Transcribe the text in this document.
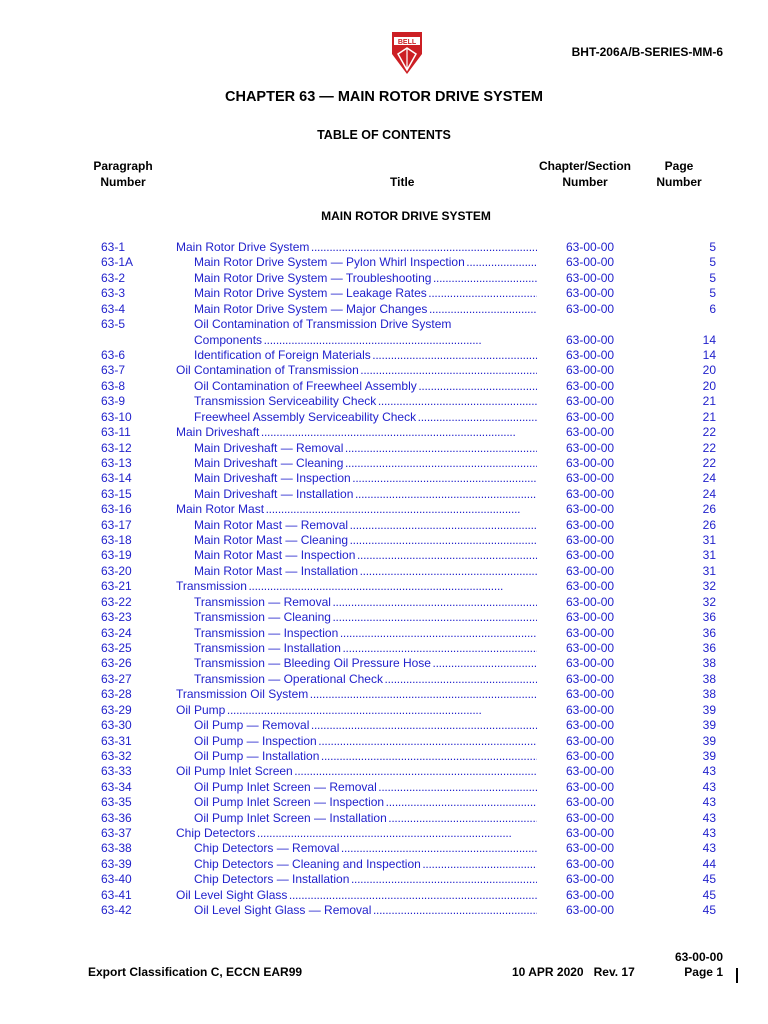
BELL
BHT-206A/B-SERIES-MM-6
CHAPTER 63 — MAIN ROTOR DRIVE SYSTEM
TABLE OF CONTENTS
Paragraph
Number	Title
Chapter/Section
Number
Page
Number
MAIN ROTOR DRIVE SYSTEM
63-1	Main Rotor Drive System . . .	63-00-00	5
63-1A	Main Rotor Drive System — Pylon Whirl Inspection . . .	63-00-00	5
63-2	Main Rotor Drive System — Troubleshooting . . .	63-00-00	5
63-3	Main Rotor Drive System — Leakage Rates . . .	63-00-00	5
63-4	Main Rotor Drive System — Major Changes . . .	63-00-00	6
63-5	Oil Contamination of Transmission Drive System
Components . . .	63-00-00	14
63-6	Identification of Foreign Materials . . .	63-00-00	14
63-7	Oil Contamination of Transmission . . .	63-00-00	20
63-8	Oil Contamination of Freewheel Assembly . . .	63-00-00	20
63-9	Transmission Serviceability Check . . .	63-00-00	21
63-10	Freewheel Assembly Serviceability Check . . .	63-00-00	21
63-11	Main Driveshaft . . .	63-00-00	22
63-12	Main Driveshaft — Removal . . .	63-00-00	22
63-13	Main Driveshaft — Cleaning . . .	63-00-00	22
63-14	Main Driveshaft — Inspection . . .	63-00-00	24
63-15	Main Driveshaft — Installation . . .	63-00-00	24
63-16	Main Rotor Mast . . .	63-00-00	26
63-17	Main Rotor Mast — Removal . . .	63-00-00	26
63-18	Main Rotor Mast — Cleaning . . .	63-00-00	31
63-19	Main Rotor Mast — Inspection . . .	63-00-00	31
63-20	Main Rotor Mast — Installation . . .	63-00-00	31
63-21	Transmission . . .	63-00-00	32
63-22	Transmission — Removal . . .	63-00-00	32
63-23	Transmission — Cleaning . . .	63-00-00	36
63-24	Transmission — Inspection . . .	63-00-00	36
63-25	Transmission — Installation . . .	63-00-00	36
63-26	Transmission — Bleeding Oil Pressure Hose . . .	63-00-00	38
63-27	Transmission — Operational Check . . .	63-00-00	38
63-28	Transmission Oil System . . .	63-00-00	38
63-29	Oil Pump . . .	63-00-00	39
63-30	Oil Pump — Removal . . .	63-00-00	39
63-31	Oil Pump — Inspection . . .	63-00-00	39
63-32	Oil Pump — Installation . . .	63-00-00	39
63-33	Oil Pump Inlet Screen . . .	63-00-00	43
63-34	Oil Pump Inlet Screen — Removal . . .	63-00-00	43
63-35	Oil Pump Inlet Screen — Inspection . . .	63-00-00	43
63-36	Oil Pump Inlet Screen — Installation . . .	63-00-00	43
63-37	Chip Detectors . . .	63-00-00	43
63-38	Chip Detectors — Removal . . .	63-00-00	43
63-39	Chip Detectors — Cleaning and Inspection . . .	63-00-00	44
63-40	Chip Detectors — Installation . . .	63-00-00	45
63-41	Oil Level Sight Glass . . .	63-00-00	45
63-42	Oil Level Sight Glass — Removal . . .	63-00-00	45
63-00-00
Export Classification C, ECCN EAR99	10 APR 2020   Rev. 17	Page 1
